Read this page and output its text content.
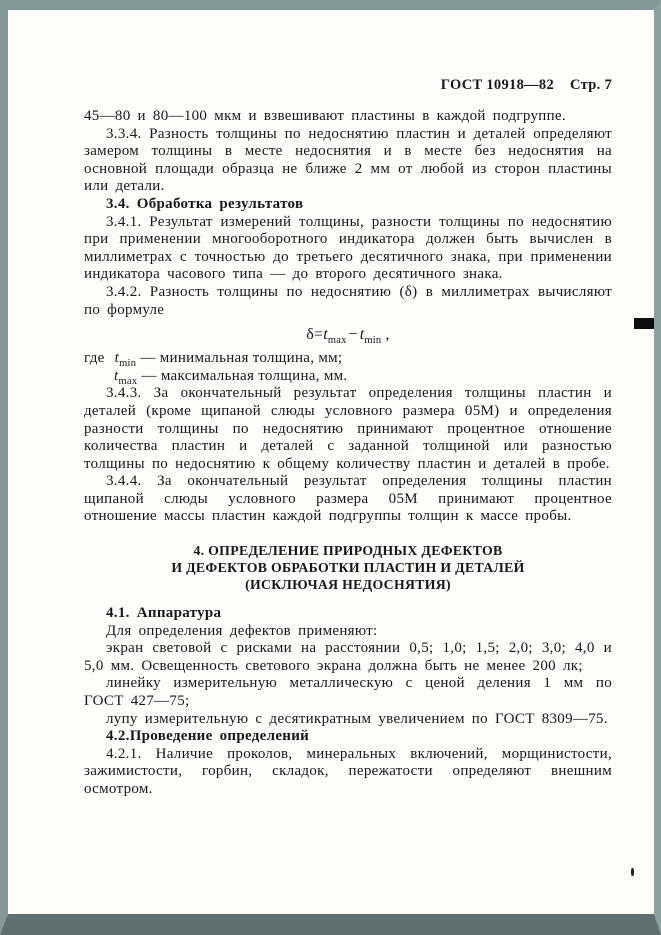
ГОСТ 10918—82 Стр. 7

45—80 и 80—100 мкм и взвешивают пластины в каждой подгруппе.

3.3.4. Разность толщины по недоснятию пластин и деталей определяют замером толщины в месте недоснятия и в месте без недоснятия на основной площади образца не ближе 2 мм от любой из сторон пластины или детали.

3.4. Обработка результатов

3.4.1. Результат измерений толщины, разности толщины по недоснятию при применении многооборотного индикатора должен быть вычислен в миллиметрах с точностью до третьего десятичного знака, при применении индикатора часового типа — до второго десятичного знака.

3.4.2. Разность толщины по недоснятию (δ) в миллиметрах вычисляют по формуле

$\delta=t_{max} - t_{min}$ ,
где $t_{min}$ — минимальная толщина, мм;
$t_{max}$ — максимальная толщина, мм.

3.4.3. За окончательный результат определения толщины пластин и деталей (кроме щипаной слюды условного размера 05М) и определения разности толщины по недоснятию принимают процентное отношение количества пластин и деталей с заданной толщиной или разностью толщины по недоснятию к общему количеству пластин и деталей в пробе.

3.4.4. За окончательный результат определения толщины пластин щипаной слюды условного размера 05М принимают процентное отношение массы пластин каждой подгруппы толщин к массе пробы.

4. ОПРЕДЕЛЕНИЕ ПРИРОДНЫХ ДЕФЕКТОВ
И ДЕФЕКТОВ ОБРАБОТКИ ПЛАСТИН И ДЕТАЛЕЙ
(ИСКЛЮЧАЯ НЕДОСНЯТИЯ)

4.1. Аппаратура

Для определения дефектов применяют:

экран световой с рисками на расстоянии 0,5; 1,0; 1,5; 2,0; 3,0; 4,0 и 5,0 мм. Освещенность светового экрана должна быть не менее 200 лк;

линейку измерительную металлическую с ценой деления 1 мм по ГОСТ 427—75;

лупу измерительную с десятикратным увеличением по ГОСТ 8309—75.

4.2.Проведение определений

4.2.1. Наличие проколов, минеральных включений, морщинистости, зажимистости, горбин, складок, пережатости определяют внешним осмотром.
